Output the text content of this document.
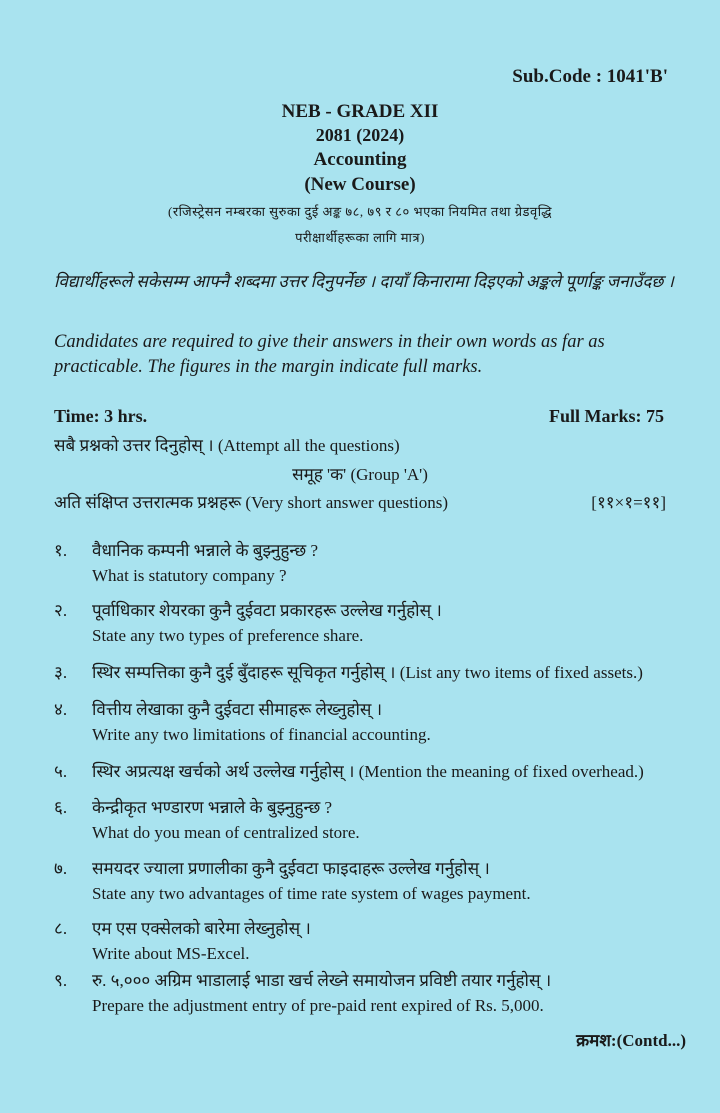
Sub.Code : 1041'B'
NEB - GRADE XII
2081 (2024)
Accounting
(New Course)
(रजिस्ट्रेसन नम्बरका सुरुका दुई अङ्क ७८, ७९ र ८० भएका नियमित तथा ग्रेडवृद्धि
परीक्षार्थीहरूका लागि मात्र)
विद्यार्थीहरूले सकेसम्म आफ्नै शब्दमा उत्तर दिनुपर्नेछ । दायाँ किनारामा दिइएको अङ्कले पूर्णाङ्क जनाउँदछ ।
Candidates are required to give their answers in their own words as far as practicable. The figures in the margin indicate full marks.
Time: 3 hrs.	Full Marks: 75
सबै प्रश्नको उत्तर दिनुहोस् । (Attempt all the questions)
समूह 'क' (Group 'A')
अति संक्षिप्त उत्तरात्मक प्रश्नहरू (Very short answer questions)	[११×१=११]
१. वैधानिक कम्पनी भन्नाले के बुझ्नुहुन्छ ?
What is statutory company ?
२. पूर्वाधिकार शेयरका कुनै दुईवटा प्रकारहरू उल्लेख गर्नुहोस् ।
State any two types of preference share.
३. स्थिर सम्पत्तिका कुनै दुई बुँदाहरू सूचिकृत गर्नुहोस् । (List any two items of fixed assets.)
४. वित्तीय लेखाका कुनै दुईवटा सीमाहरू लेख्नुहोस् ।
Write any two limitations of financial accounting.
५. स्थिर अप्रत्यक्ष खर्चको अर्थ उल्लेख गर्नुहोस् । (Mention the meaning of fixed overhead.)
६. केन्द्रीकृत भण्डारण भन्नाले के बुझ्नुहुन्छ ?
What do you mean of centralized store.
७. समयदर ज्याला प्रणालीका कुनै दुईवटा फाइदाहरू उल्लेख गर्नुहोस् ।
State any two advantages of time rate system of wages payment.
८. एम एस एक्सेलको बारेमा लेख्नुहोस् ।
Write about MS-Excel.
९. रु. ५,००० अग्रिम भाडालाई भाडा खर्च लेख्ने समायोजन प्रविष्टी तयार गर्नुहोस् ।
Prepare the adjustment entry of pre-paid rent expired of Rs. 5,000.
क्रमश:(Contd...)
